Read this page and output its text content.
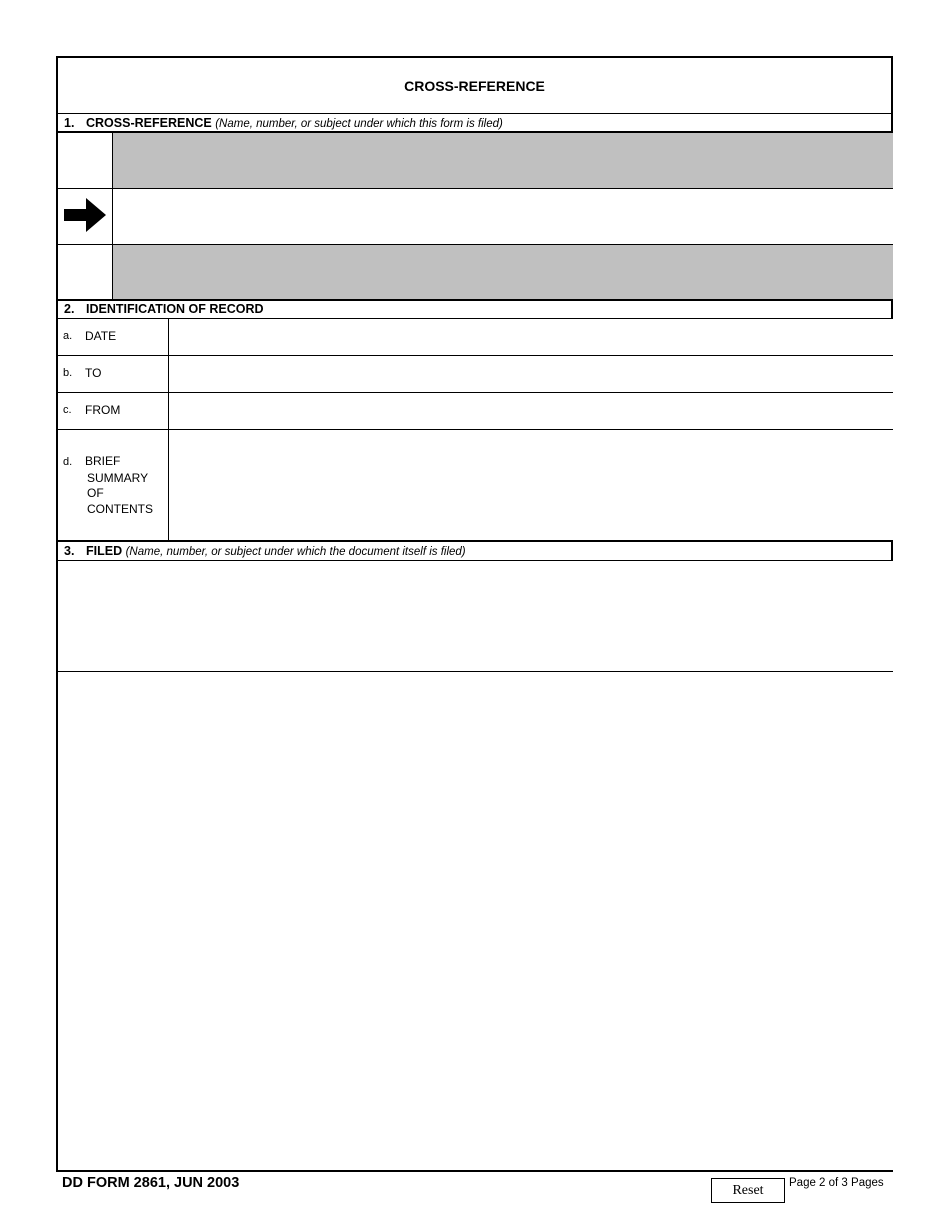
CROSS-REFERENCE
1. CROSS-REFERENCE (Name, number, or subject under which this form is filed)
2. IDENTIFICATION OF RECORD
a.	DATE
b.	TO
c.	FROM
d. BRIEF
SUMMARY
OF
CONTENTS
3. FILED (Name, number, or subject under which the document itself is filed)
DD FORM 2861, JUN 2003	Reset	Page 2 of 3 Pages
